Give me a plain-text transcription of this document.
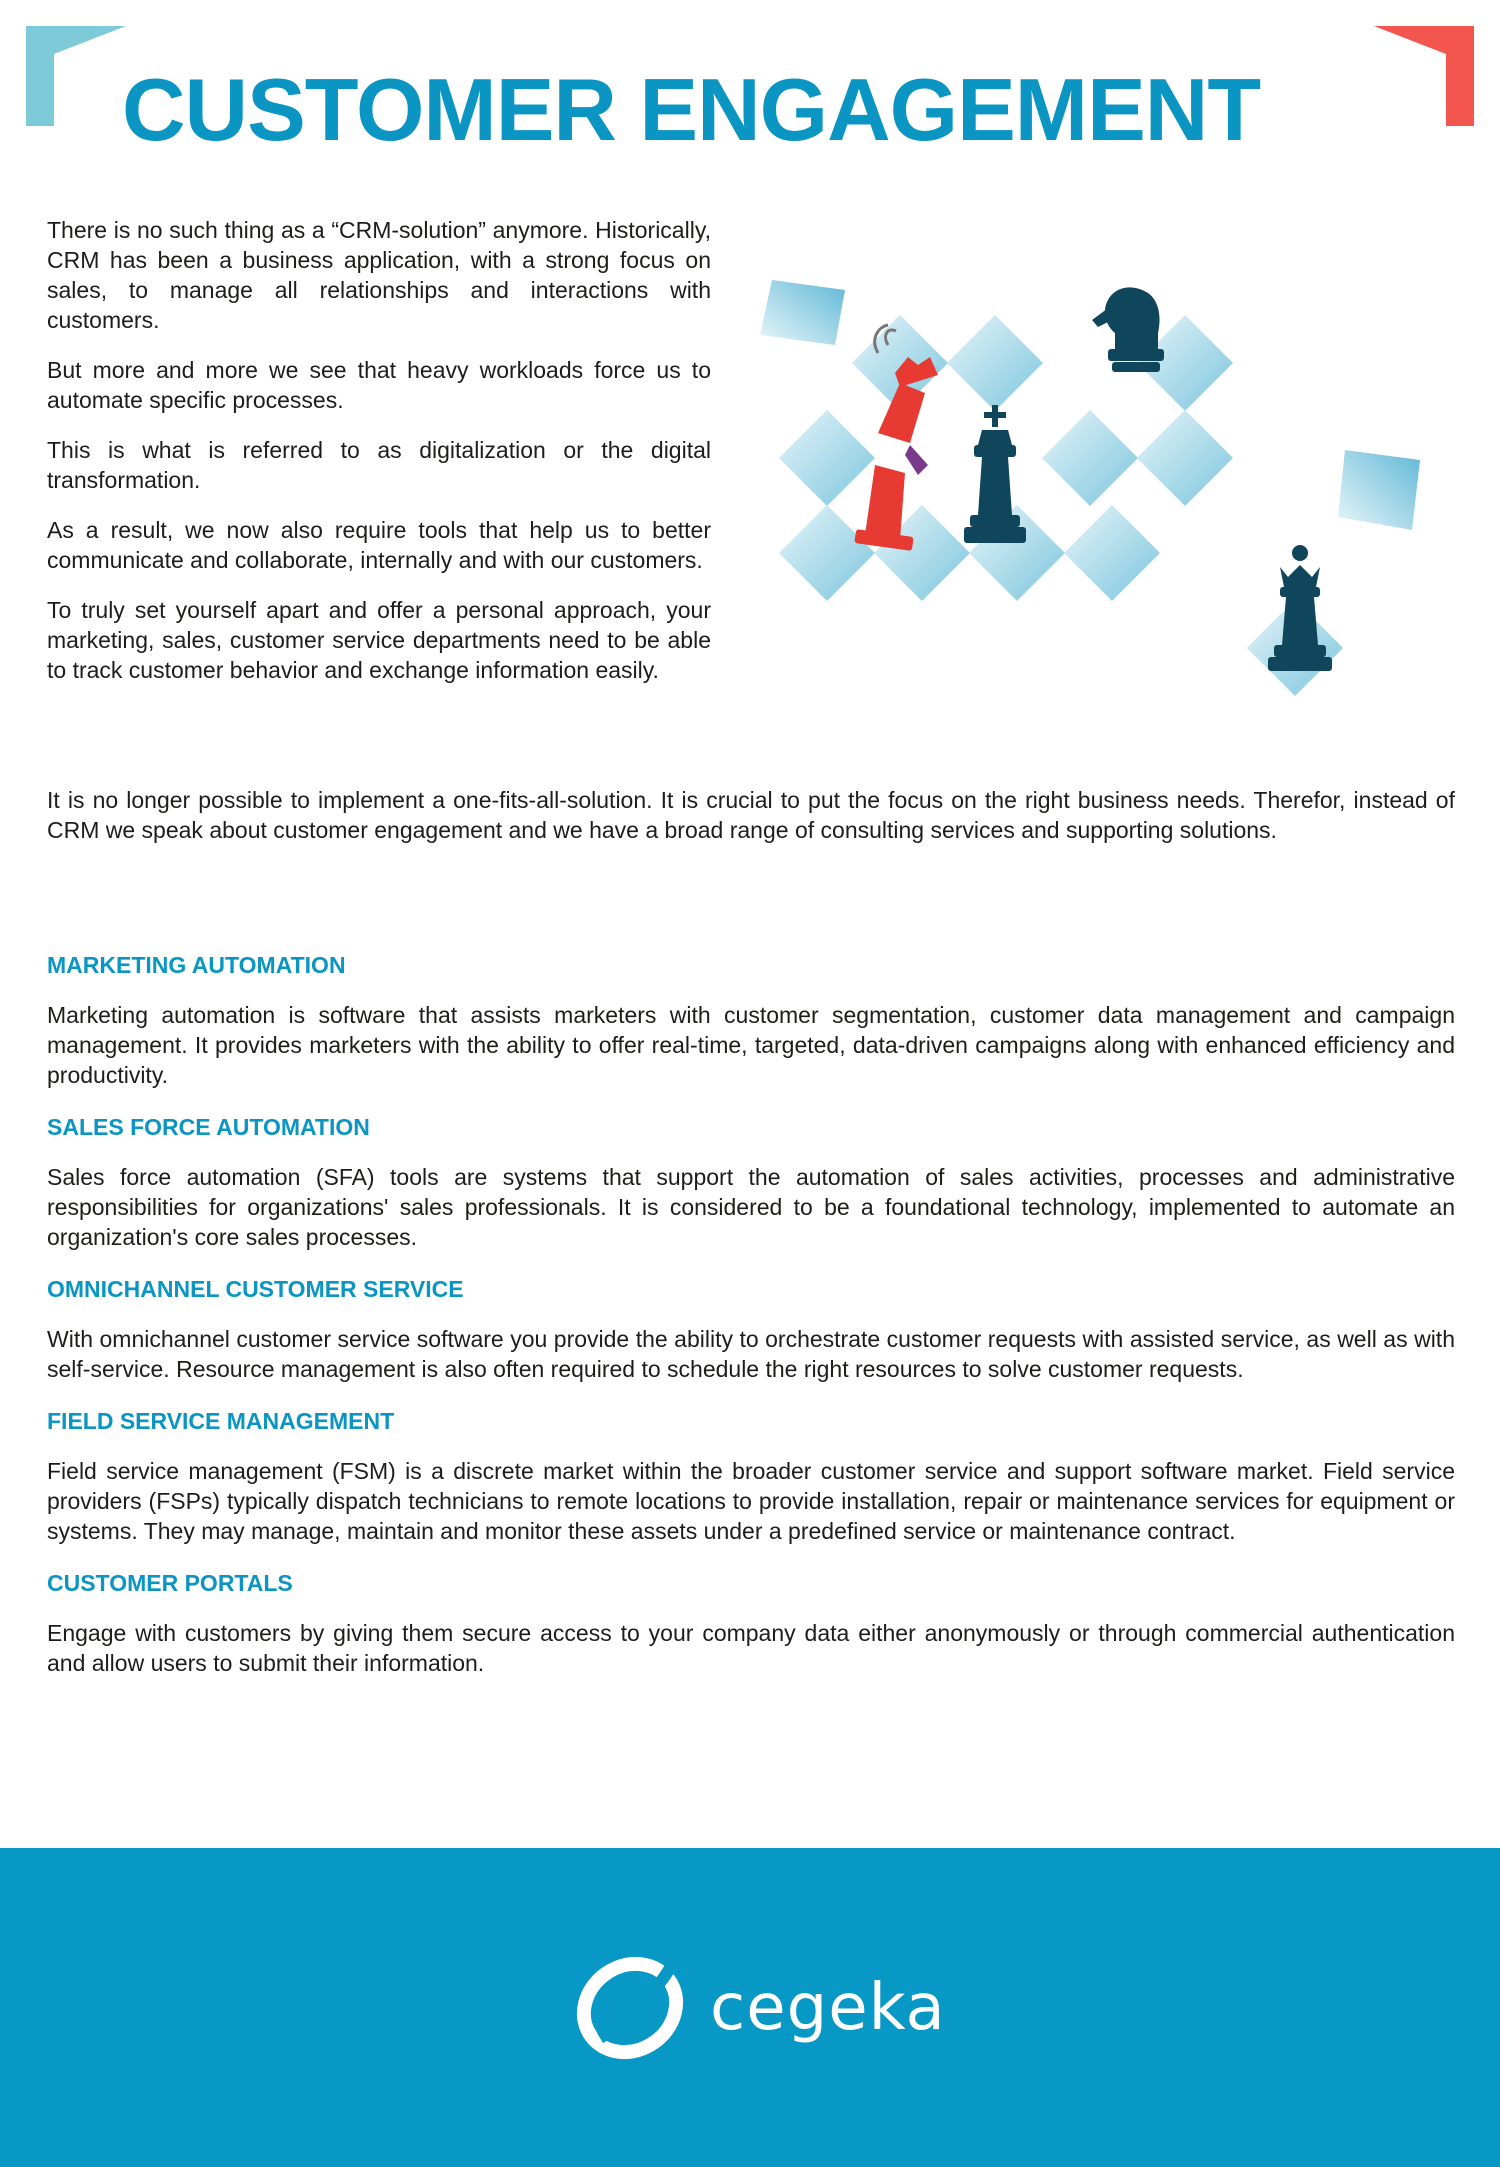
CUSTOMER ENGAGEMENT

There is no such thing as a “CRM-solution” anymore. Historically, CRM has been a business application, with a strong focus on sales, to manage all relationships and interactions with customers.

But more and more we see that heavy workloads force us to automate specific processes.

This is what is referred to as digitalization or the digital transformation.

As a result, we now also require tools that help us to better communicate and collaborate, internally and with our customers.

To truly set yourself apart and offer a personal approach, your marketing, sales, customer service departments need to be able to track customer behavior and exchange information easily.

It is no longer possible to implement a one-fits-all-solution. It is crucial to put the focus on the right business needs. Therefor, instead of CRM we speak about customer engagement and we have a broad range of consulting services and supporting solutions.

MARKETING AUTOMATION

Marketing automation is software that assists marketers with customer segmentation, customer data management and campaign management. It provides marketers with the ability to offer real-time, targeted, data-driven campaigns along with enhanced efficiency and productivity.

SALES FORCE AUTOMATION

Sales force automation (SFA) tools are systems that support the automation of sales activities, processes and administrative responsibilities for organizations' sales professionals. It is considered to be a foundational technology, implemented to automate an organization's core sales processes.

OMNICHANNEL CUSTOMER SERVICE

With omnichannel customer service software you provide the ability to orchestrate customer requests with assisted service, as well as with self-service. Resource management is also often required to schedule the right resources to solve customer requests.

FIELD SERVICE MANAGEMENT

Field service management (FSM) is a discrete market within the broader customer service and support software market. Field service providers (FSPs) typically dispatch technicians to remote locations to provide installation, repair or maintenance services for equipment or systems. They may manage, maintain and monitor these assets under a predefined service or maintenance contract.

CUSTOMER PORTALS

Engage with customers by giving them secure access to your company data either anonymously or through commercial authentication and allow users to submit their information.

cegeka
